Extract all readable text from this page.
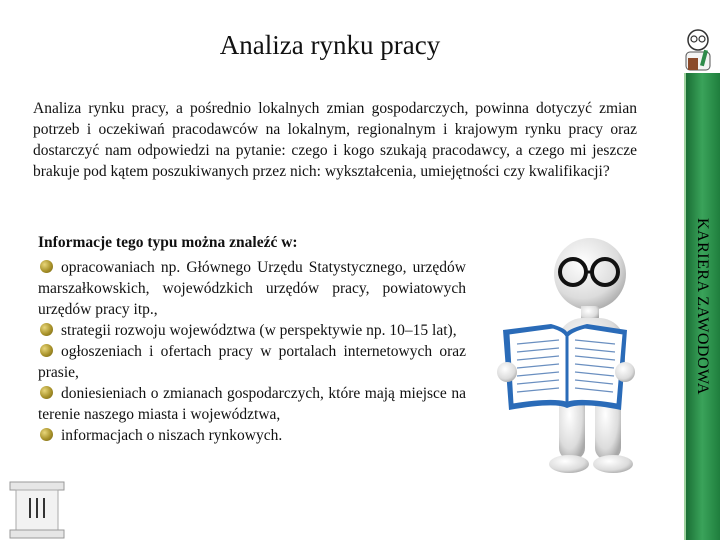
Analiza rynku pracy

Analiza rynku pracy, a pośrednio lokalnych zmian gospodarczych, powinna dotyczyć zmian potrzeb i oczekiwań pracodawców na lokalnym, regionalnym i krajowym rynku pracy oraz dostarczyć nam odpowiedzi na pytanie: czego i kogo szukają pracodawcy, a czego mi jeszcze brakuje pod kątem poszukiwanych przez nich: wykształcenia, umiejętności czy kwalifikacji?

Informacje tego typu można znaleźć w:

opracowaniach np. Głównego Urzędu Statystycznego, urzędów marszałkowskich, wojewódzkich urzędów pracy, powiatowych urzędów pracy itp.,
strategii rozwoju województwa (w perspektywie np. 10–15 lat),
ogłoszeniach i ofertach pracy w portalach internetowych oraz prasie,
doniesieniach o zmianach gospodarczych, które mają miejsce na terenie naszego miasta i województwa,
informacjach o niszach rynkowych.
KARIERA ZAWODOWA
